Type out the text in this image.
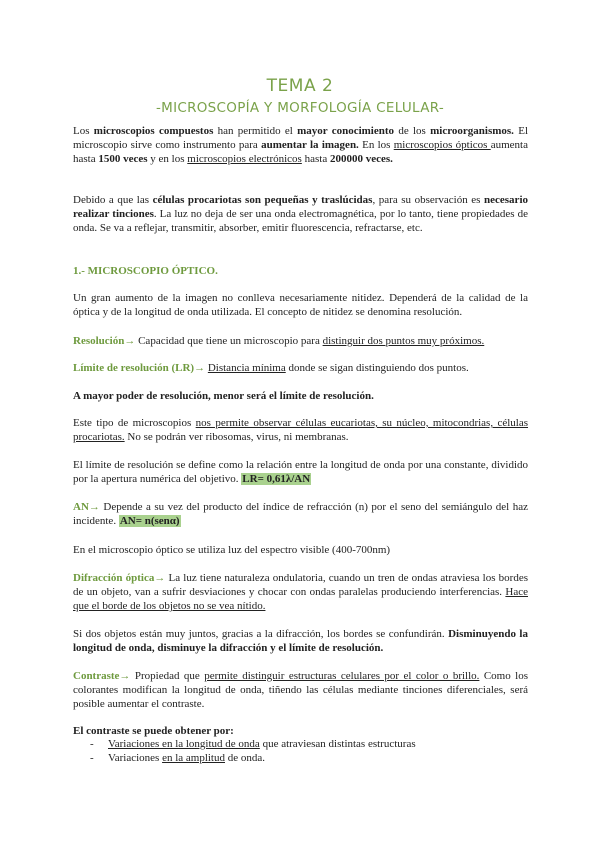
TEMA 2
-MICROSCOPÍA Y MORFOLOGÍA CELULAR-
Los microscopios compuestos han permitido el mayor conocimiento de los microorganismos. El microscopio sirve como instrumento para aumentar la imagen. En los microscopios ópticos aumenta hasta 1500 veces y en los microscopios electrónicos hasta 200000 veces.
Debido a que las células procariotas son pequeñas y traslúcidas, para su observación es necesario realizar tinciones. La luz no deja de ser una onda electromagnética, por lo tanto, tiene propiedades de onda. Se va a reflejar, transmitir, absorber, emitir fluorescencia, refractarse, etc.
1.- MICROSCOPIO ÓPTICO.
Un gran aumento de la imagen no conlleva necesariamente nitidez. Dependerá de la calidad de la óptica y de la longitud de onda utilizada. El concepto de nitidez se denomina resolución.
Resolución→ Capacidad que tiene un microscopio para distinguir dos puntos muy próximos.
Límite de resolución (LR)→ Distancia mínima donde se sigan distinguiendo dos puntos.
A mayor poder de resolución, menor será el límite de resolución.
Este tipo de microscopios nos permite observar células eucariotas, su núcleo, mitocondrias, células procariotas. No se podrán ver ribosomas, virus, ni membranas.
El límite de resolución se define como la relación entre la longitud de onda por una constante, dividido por la apertura numérica del objetivo. LR= 0,61λ/AN
AN→ Depende a su vez del producto del índice de refracción (n) por el seno del semiángulo del haz incidente. AN= n(senα)
En el microscopio óptico se utiliza luz del espectro visible (400-700nm)
Difracción óptica→ La luz tiene naturaleza ondulatoria, cuando un tren de ondas atraviesa los bordes de un objeto, van a sufrir desviaciones y chocar con ondas paralelas produciendo interferencias. Hace que el borde de los objetos no se vea nítido.
Si dos objetos están muy juntos, gracias a la difracción, los bordes se confundirán. Disminuyendo la longitud de onda, disminuye la difracción y el límite de resolución.
Contraste→ Propiedad que permite distinguir estructuras celulares por el color o brillo. Como los colorantes modifican la longitud de onda, tiñendo las células mediante tinciones diferenciales, será posible aumentar el contraste.
El contraste se puede obtener por:
- Variaciones en la longitud de onda que atraviesan distintas estructuras
- Variaciones en la amplitud de onda.
